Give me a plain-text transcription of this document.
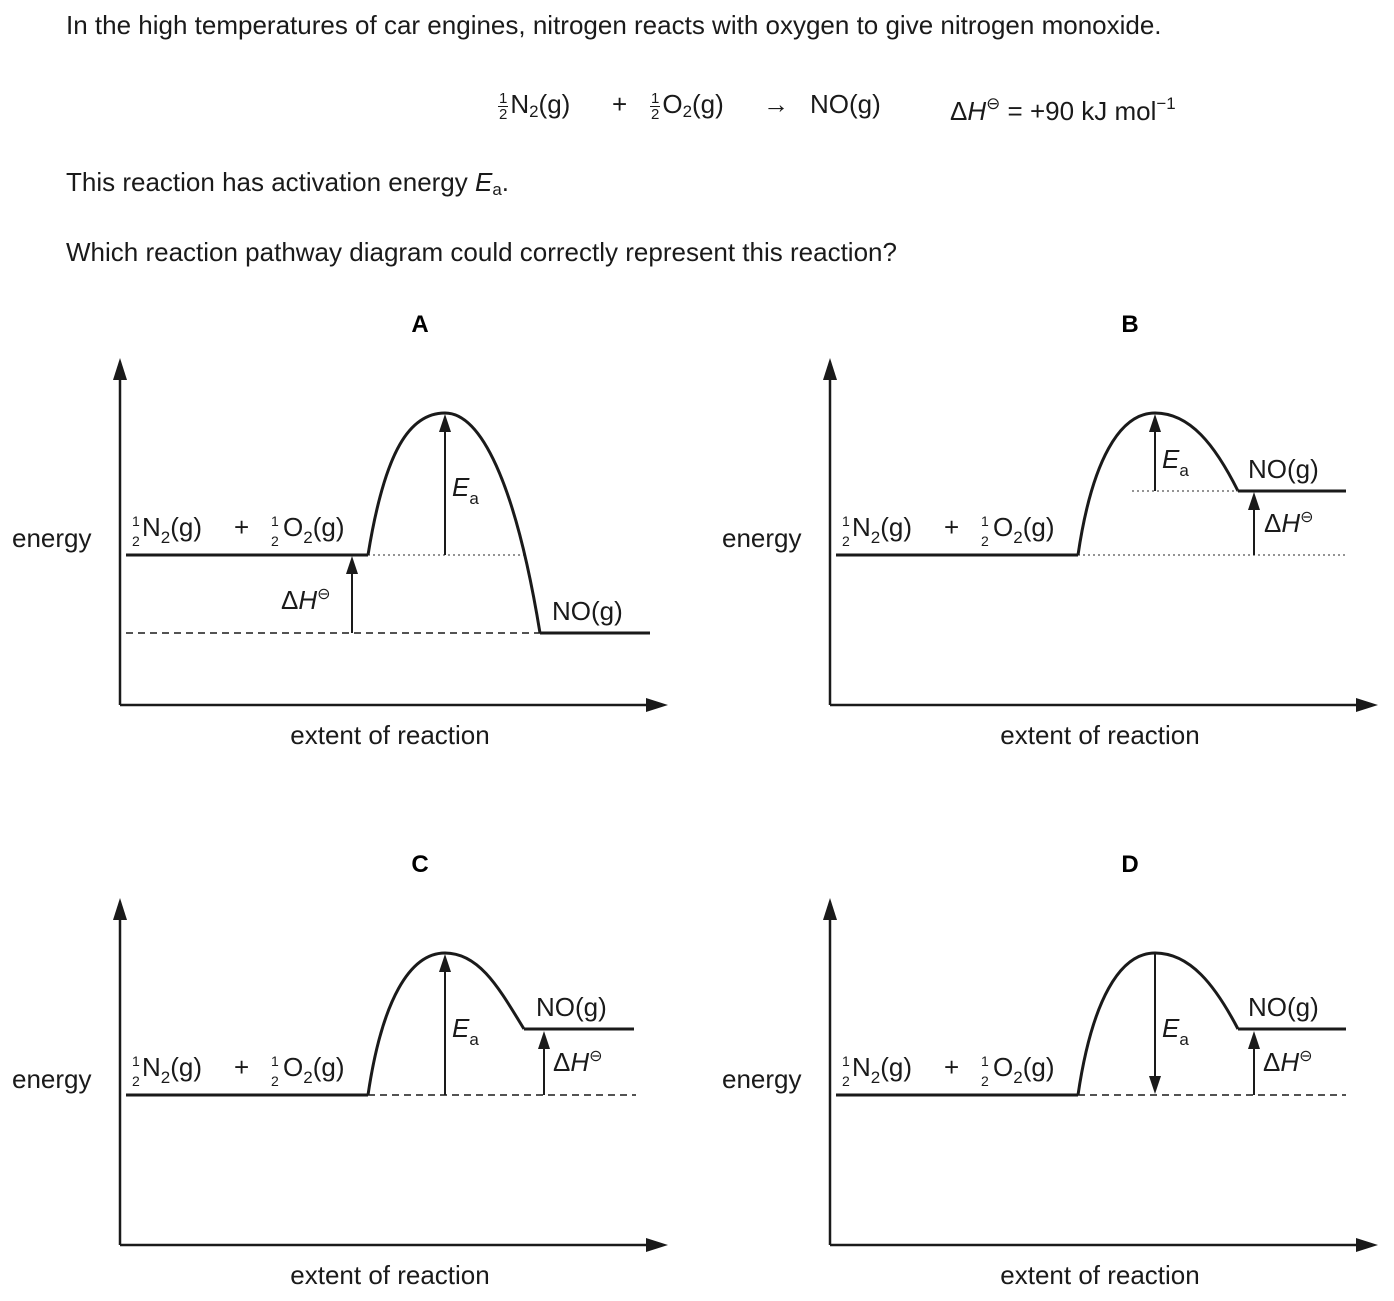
In the high temperatures of car engines, nitrogen reacts with oxygen to give nitrogen monoxide.

$\frac{1}{2} N_2(g) + \frac{1}{2} O_2(g) \to NO(g)$	ΔH⊖ = +90 kJ mol$^{-1}$

This reaction has activation energy $E_a$.

Which reaction pathway diagram could correctly represent this reaction?

A
energy
extent of reaction
1 $2N_2(g) + 1$ 2 $O_2(g)$
NO(g)
$E_a$
ΔH⊖
B
energy
extent of reaction
1 $2N_2(g) + 1$ 2 $O_2(g)$
NO(g)
$E_a$
ΔH⊖
C
energy
extent of reaction
1 $2N_2(g) + 1$ 2 $O_2(g)$
NO(g)
$E_a$
ΔH⊖
D
energy
extent of reaction
1 $2N_2(g) + 1$ 2 $O_2(g)$
NO(g)
$E_a$
ΔH⊖
